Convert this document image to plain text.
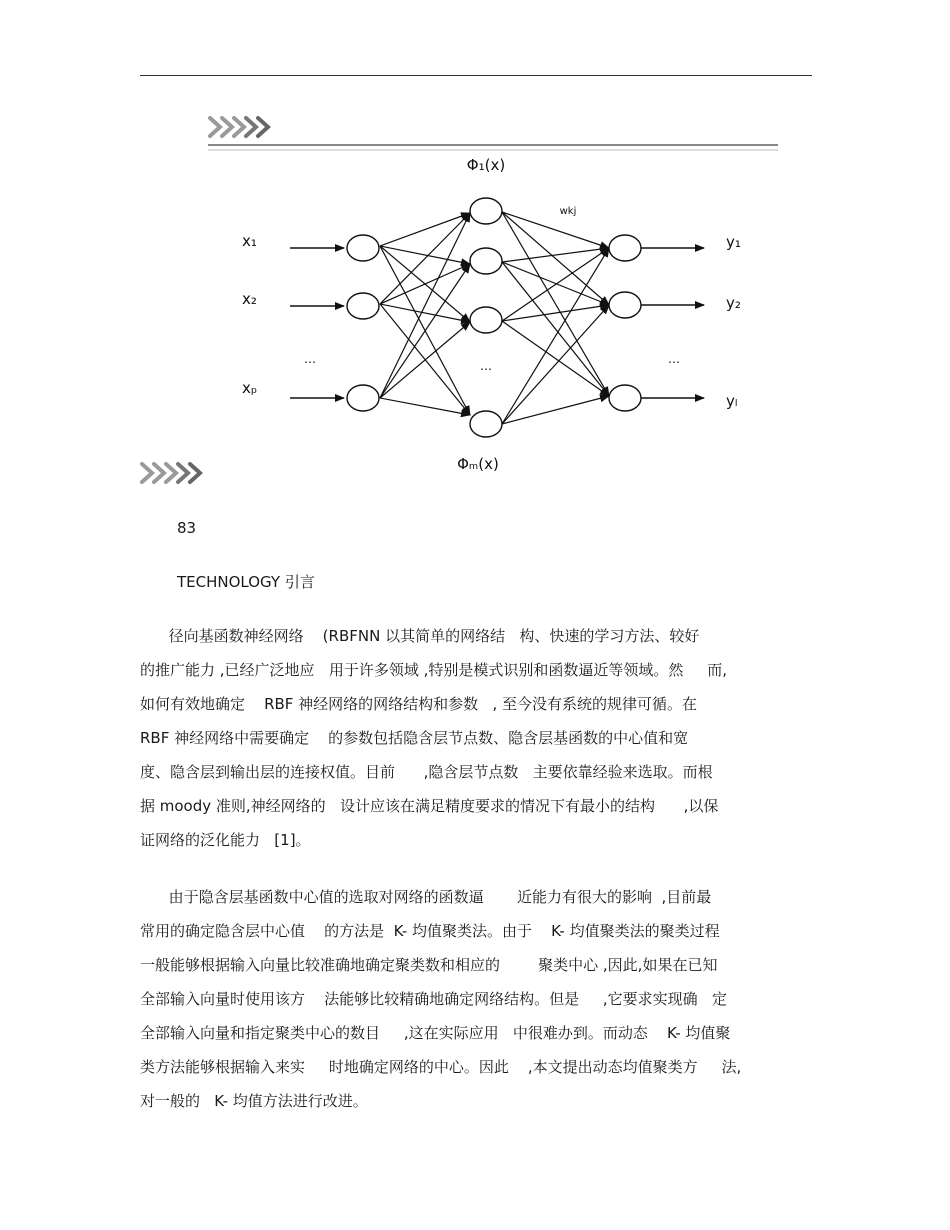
Φ₁(x)
Φₘ(x)
wkj
x₁
x₂
xₚ
y₁
y₂
yₗ
…	…	…
83
TECHNOLOGY 引言
径向基函数神经网络    (RBFNN 以其简单的网络结   构、快速的学习方法、较好
的推广能力 ,已经广泛地应   用于许多领域 ,特别是模式识别和函数逼近等领域。然     而,
如何有效地确定    RBF 神经网络的网络结构和参数   , 至今没有系统的规律可循。在
RBF 神经网络中需要确定    的参数包括隐含层节点数、隐含层基函数的中心值和宽
度、隐含层到输出层的连接权值。目前      ,隐含层节点数   主要依靠经验来选取。而根
据 moody 准则,神经网络的   设计应该在满足精度要求的情况下有最小的结构      ,以保
证网络的泛化能力   [1]。
由于隐含层基函数中心值的选取对网络的函数逼       近能力有很大的影响  ,目前最
常用的确定隐含层中心值    的方法是  K- 均值聚类法。由于    K- 均值聚类法的聚类过程
一般能够根据输入向量比较准确地确定聚类数和相应的        聚类中心 ,因此,如果在已知
全部输入向量时使用该方    法能够比较精确地确定网络结构。但是     ,它要求实现确   定
全部输入向量和指定聚类中心的数目     ,这在实际应用   中很难办到。而动态    K- 均值聚
类方法能够根据输入来实     时地确定网络的中心。因此    ,本文提出动态均值聚类方     法,
对一般的   K- 均值方法进行改进。
